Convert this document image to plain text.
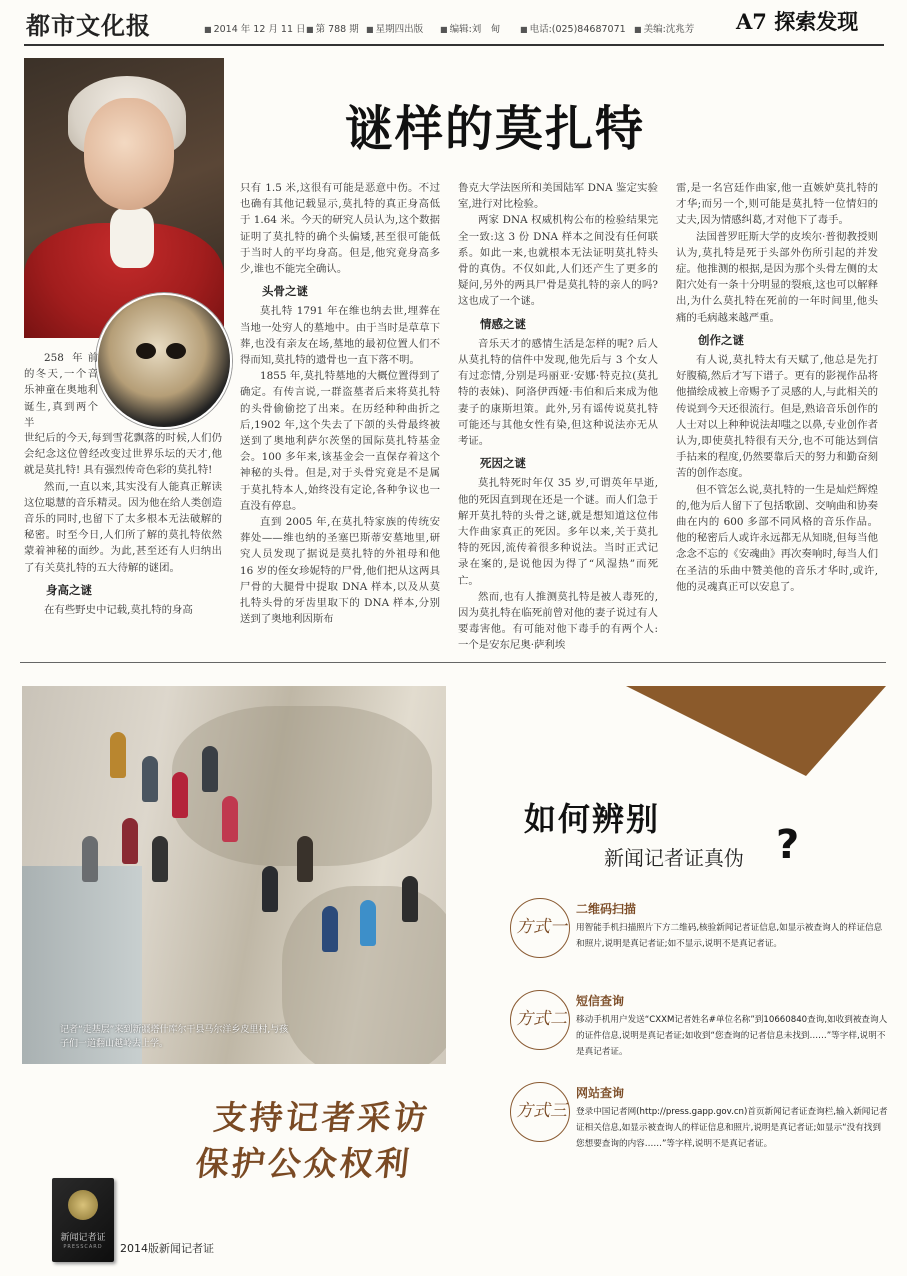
都市文化报	■ 2014 年 12 月 11 日	■ 第 788 期	■ 星期四出版	■ 编辑:刘　甸	■ 电话:(025)84687071	■ 美编:沈兆芳 A7 探索发现
谜样的莫扎特

258 年前的冬天,一个音乐神童在奥地利诞生,真到两个半

世纪后的今天,每到雪花飘落的时候,人们仍会纪念这位曾经改变过世界乐坛的天才,他就是莫扎特! 具有强烈传奇色彩的莫扎特!

然而,一直以来,其实没有人能真正解读这位聪慧的音乐精灵。因为他在给人类创造音乐的同时,也留下了太多根本无法破解的秘密。时至今日,人们所了解的莫扎特依然蒙着神秘的面纱。为此,甚至还有人归纳出了有关莫扎特的五大待解的谜团。

身高之谜

在有些野史中记载,莫扎特的身高

只有 1.5 米,这很有可能是恶意中伤。不过也确有其他记载显示,莫扎特的真正身高低于 1.64 米。今天的研究人员认为,这个数据证明了莫扎特的确个头偏矮,甚至很可能低于当时人的平均身高。但是,他究竟身高多少,谁也不能完全确认。

头骨之谜

莫扎特 1791 年在维也纳去世,埋葬在当地一处穷人的墓地中。由于当时是草草下葬,也没有亲友在场,墓地的最初位置人们不得而知,莫扎特的遗骨也一直下落不明。

1855 年,莫扎特墓地的大概位置得到了确定。有传言说,一群盗墓者后来将莫扎特的头骨偷偷挖了出来。在历经种种曲折之后,1902 年,这个失去了下颌的头骨最终被送到了奥地利萨尔茨堡的国际莫扎特基金会。100 多年来,该基金会一直保存着这个神秘的头骨。但是,对于头骨究竟是不是属于莫扎特本人,始终没有定论,各种争议也一直没有停息。

直到 2005 年,在莫扎特家族的传统安葬处——维也纳的圣塞巴斯蒂安墓地里,研究人员发现了据说是莫扎特的外祖母和他 16 岁的侄女珍妮特的尸骨,他们把从这两具尸骨的大腿骨中提取 DNA 样本,以及从莫扎特头骨的牙齿里取下的 DNA 样本,分别送到了奥地利因斯布

鲁克大学法医所和美国陆军 DNA 鉴定实验室,进行对比检验。

两家 DNA 权威机构公布的检验结果完全一致:这 3 份 DNA 样本之间没有任何联系。如此一来,也就根本无法证明莫扎特头骨的真伪。不仅如此,人们还产生了更多的疑问,另外的两具尸骨是莫扎特的亲人的吗? 这也成了一个谜。

情感之谜

音乐天才的感情生活是怎样的呢? 后人从莫扎特的信件中发现,他先后与 3 个女人有过恋情,分别是玛丽亚·安娜·特克拉(莫扎特的表妹)、阿洛伊西娅·韦伯和后来成为他妻子的康斯坦策。此外,另有谣传说莫扎特可能还与其他女性有染,但这种说法亦无从考证。

死因之谜

莫扎特死时年仅 35 岁,可谓英年早逝,他的死因直到现在还是一个谜。而人们急于解开莫扎特的头骨之谜,就是想知道这位伟大作曲家真正的死因。多年以来,关于莫扎特的死因,流传着很多种说法。当时正式记录在案的,是说他因为得了“风湿热”而死亡。

然而,也有人推测莫扎特是被人毒死的,因为莫扎特在临死前曾对他的妻子说过有人要毒害他。有可能对他下毒手的有两个人:一个是安东尼奥·萨利埃

雷,是一名宫廷作曲家,他一直嫉妒莫扎特的才华;而另一个,则可能是莫扎特一位情妇的丈夫,因为情感纠葛,才对他下了毒手。

法国普罗旺斯大学的皮埃尔·普彻教授则认为,莫扎特是死于头部外伤所引起的并发症。他推测的根据,是因为那个头骨左侧的太阳穴处有一条十分明显的裂痕,这也可以解释出,为什么莫扎特在死前的一年时间里,他头痛的毛病越来越严重。

创作之谜

有人说,莫扎特太有天赋了,他总是先打好腹稿,然后才写下谱子。更有的影视作品将他描绘成被上帝赐予了灵感的人,与此相关的传说到今天还很流行。但是,熟谙音乐创作的人士对以上种种说法却嗤之以鼻,专业创作者认为,即使莫扎特很有天分,也不可能达到信手拈来的程度,仍然要靠后天的努力和勤奋刻苦的创作态度。

但不管怎么说,莫扎特的一生是灿烂辉煌的,他为后人留下了包括歌剧、交响曲和协奏曲在内的 600 多部不同风格的音乐作品。他的秘密后人或许永远都无从知晓,但每当他念念不忘的《安魂曲》再次奏响时,每当人们在圣洁的乐曲中赞美他的音乐才华时,或许,他的灵魂真正可以安息了。

记者“走基层”来到新疆塔什库尔干县马尔洋乡皮里村,与孩子们一道翻山越岭去上学。
如何辨别
新闻记者证真伪 ?
方式一
二维码扫描
用智能手机扫描照片下方二维码,核验新闻记者证信息,如显示被查询人的样证信息和照片,说明是真记者证;如不显示,说明不是真记者证。
方式二
短信查询
移动手机用户发送“CXXM记者姓名#单位名称”到10660840查询,如收到被查询人的证件信息,说明是真记者证;如收到“您查询的记者信息未找到……”等字样,说明不是真记者证。
方式三
网站查询
登录中国记者网(http://press.gapp.gov.cn)首页新闻记者证查询栏,输入新闻记者证相关信息,如显示被查询人的样证信息和照片,说明是真记者证;如显示“没有找到您想要查询的内容……”等字样,说明不是真记者证。
支持记者采访
保护公众权利
新闻记者证
PRESSCARD	2014版新闻记者证
